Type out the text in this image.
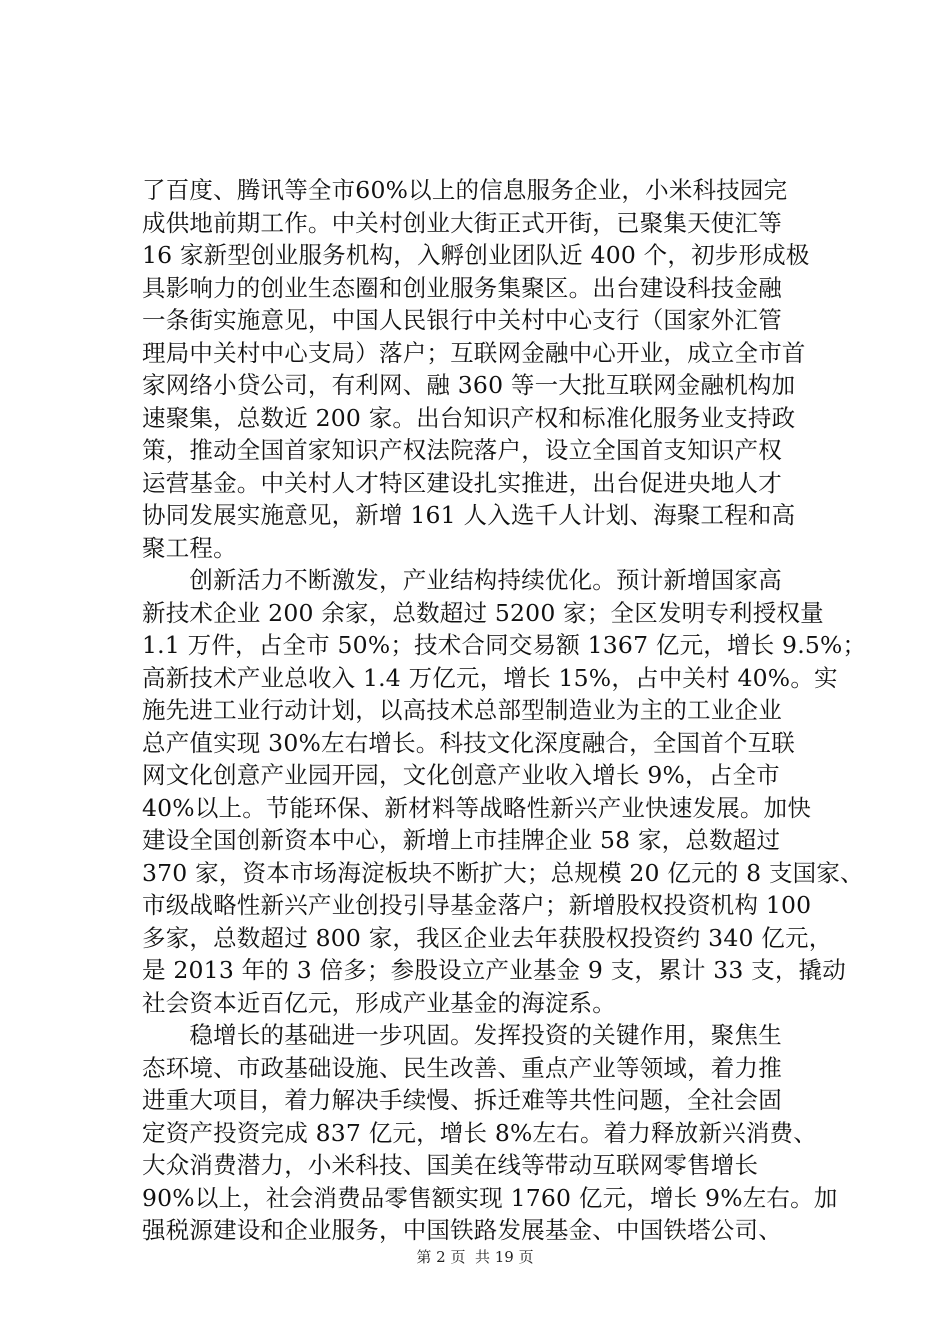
了百度、腾讯等全市60%以上的信息服务企业，小米科技园完
成供地前期工作。中关村创业大街正式开街，已聚集天使汇等
16 家新型创业服务机构，入孵创业团队近 400 个，初步形成极
具影响力的创业生态圈和创业服务集聚区。出台建设科技金融
一条街实施意见，中国人民银行中关村中心支行（国家外汇管
理局中关村中心支局）落户；互联网金融中心开业，成立全市首
家网络小贷公司，有利网、融 360 等一大批互联网金融机构加
速聚集，总数近 200 家。出台知识产权和标准化服务业支持政
策，推动全国首家知识产权法院落户，设立全国首支知识产权
运营基金。中关村人才特区建设扎实推进，出台促进央地人才
协同发展实施意见，新增 161 人入选千人计划、海聚工程和高
聚工程。
　　创新活力不断激发，产业结构持续优化。预计新增国家高
新技术企业 200 余家，总数超过 5200 家；全区发明专利授权量
1.1 万件，占全市 50%；技术合同交易额 1367 亿元，增长 9.5%；
高新技术产业总收入 1.4 万亿元，增长 15%，占中关村 40%。实
施先进工业行动计划，以高技术总部型制造业为主的工业企业
总产值实现 30%左右增长。科技文化深度融合，全国首个互联
网文化创意产业园开园，文化创意产业收入增长 9%，占全市
40%以上。节能环保、新材料等战略性新兴产业快速发展。加快
建设全国创新资本中心，新增上市挂牌企业 58 家，总数超过
370 家，资本市场海淀板块不断扩大；总规模 20 亿元的 8 支国家、
市级战略性新兴产业创投引导基金落户；新增股权投资机构 100
多家，总数超过 800 家，我区企业去年获股权投资约 340 亿元，
是 2013 年的 3 倍多；参股设立产业基金 9 支，累计 33 支，撬动
社会资本近百亿元，形成产业基金的海淀系。
　　稳增长的基础进一步巩固。发挥投资的关键作用，聚焦生
态环境、市政基础设施、民生改善、重点产业等领域，着力推
进重大项目，着力解决手续慢、拆迁难等共性问题，全社会固
定资产投资完成 837 亿元，增长 8%左右。着力释放新兴消费、
大众消费潜力，小米科技、国美在线等带动互联网零售增长
90%以上，社会消费品零售额实现 1760 亿元，增长 9%左右。加
强税源建设和企业服务，中国铁路发展基金、中国铁塔公司、
第 2 页  共 19 页
